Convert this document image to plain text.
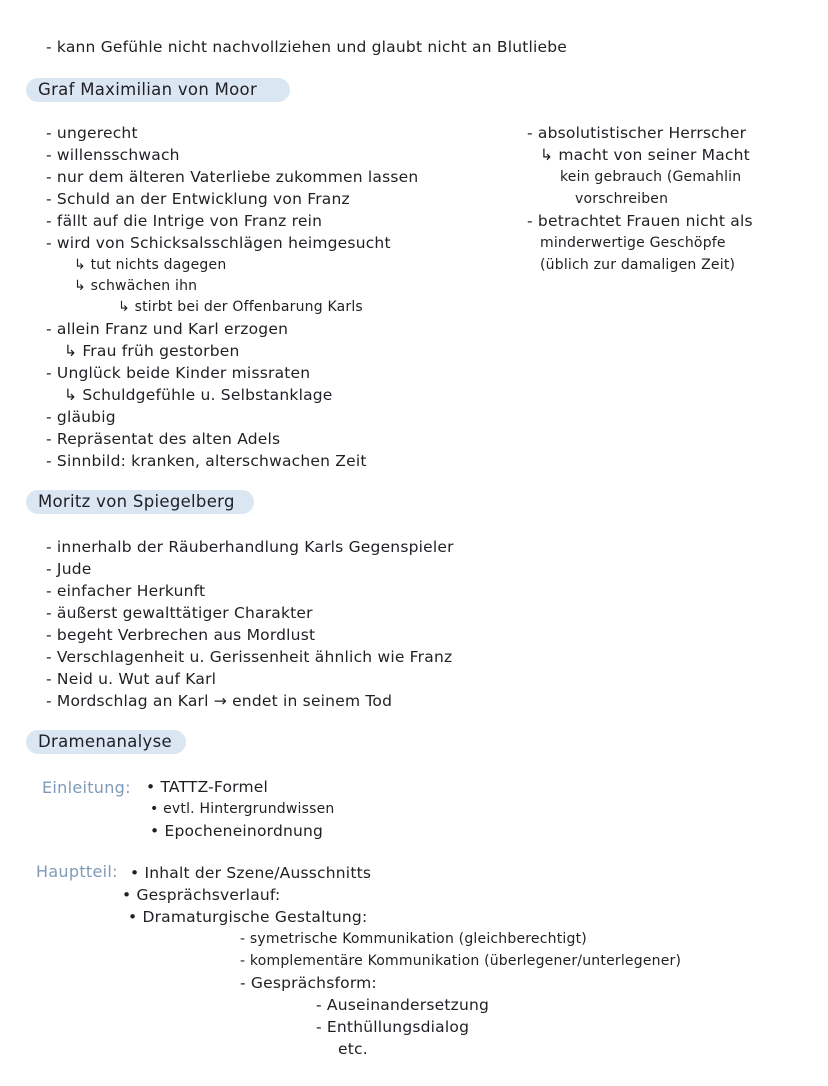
- kann Gefühle nicht nachvollziehen und glaubt nicht an Blutliebe
Graf Maximilian von Moor
- ungerecht
- willensschwach
- nur dem älteren Vaterliebe zukommen lassen
- Schuld an der Entwicklung von Franz
- fällt auf die Intrige von Franz rein
- wird von Schicksalsschlägen heimgesucht
↳ tut nichts dagegen
↳ schwächen ihn
↳ stirbt bei der Offenbarung Karls
- allein Franz und Karl erzogen
↳ Frau früh gestorben
- Unglück beide Kinder missraten
↳ Schuldgefühle u. Selbstanklage
- gläubig
- Repräsentat des alten Adels
- Sinnbild: kranken, alterschwachen Zeit
- absolutistischer Herrscher
↳ macht von seiner Macht
kein gebrauch (Gemahlin
vorschreiben
- betrachtet Frauen nicht als
minderwertige Geschöpfe
(üblich zur damaligen Zeit)
Moritz von Spiegelberg
- innerhalb der Räuberhandlung Karls Gegenspieler
- Jude
- einfacher Herkunft
- äußerst gewalttätiger Charakter
- begeht Verbrechen aus Mordlust
- Verschlagenheit u. Gerissenheit ähnlich wie Franz
- Neid u. Wut auf Karl
- Mordschlag an Karl → endet in seinem Tod
Dramenanalyse
Einleitung: • TATTZ-Formel
• evtl. Hintergrundwissen
• Epocheneinordnung
Hauptteil: • Inhalt der Szene/Ausschnitts
• Gesprächsverlauf:
• Dramaturgische Gestaltung:
- symetrische Kommunikation (gleichberechtigt)
- komplementäre Kommunikation (überlegener/unterlegener)
- Gesprächsform:
- Auseinandersetzung
- Enthüllungsdialog
etc.
